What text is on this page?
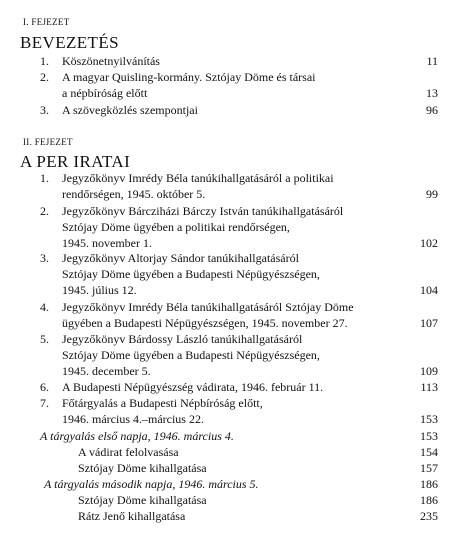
I. FEJEZET
BEVEZETÉS
1. Köszönetnyilvánítás	11
2. A magyar Quisling-kormány. Sztójay Döme és társai
a népbíróság előtt	13
3. A szövegközlés szempontjai	96
II. FEJEZET
A PER IRATAI
1. Jegyzőkönyv Imrédy Béla tanúkihallgatásáról a politikai
rendőrségen, 1945. október 5.	99
2. Jegyzőkönyv Bárcziházi Bárczy István tanúkihallgatásáról
Sztójay Döme ügyében a politikai rendőrségen,
1945. november 1.	102
3. Jegyzőkönyv Altorjay Sándor tanúkihallgatásáról
Sztójay Döme ügyében a Budapesti Népügyészségen,
1945. július 12.	104
4. Jegyzőkönyv Imrédy Béla tanúkihallgatásáról Sztójay Döme
ügyében a Budapesti Népügyészségen, 1945. november 27.	107
5. Jegyzőkönyv Bárdossy László tanúkihallgatásáról
Sztójay Döme ügyében a Budapesti Népügyészségen,
1945. december 5.	109
6. A Budapesti Népügyészség vádirata, 1946. február 11.	113
7. Főtárgyalás a Budapesti Népbíróság előtt,
1946. március 4.–március 22.	153
A tárgyalás első napja, 1946. március 4.	153
A vádirat felolvasása	154
Sztójay Döme kihallgatása	157
A tárgyalás második napja, 1946. március 5.	186
Sztójay Döme kihallgatása	186
Rátz Jenő kihallgatása	235
